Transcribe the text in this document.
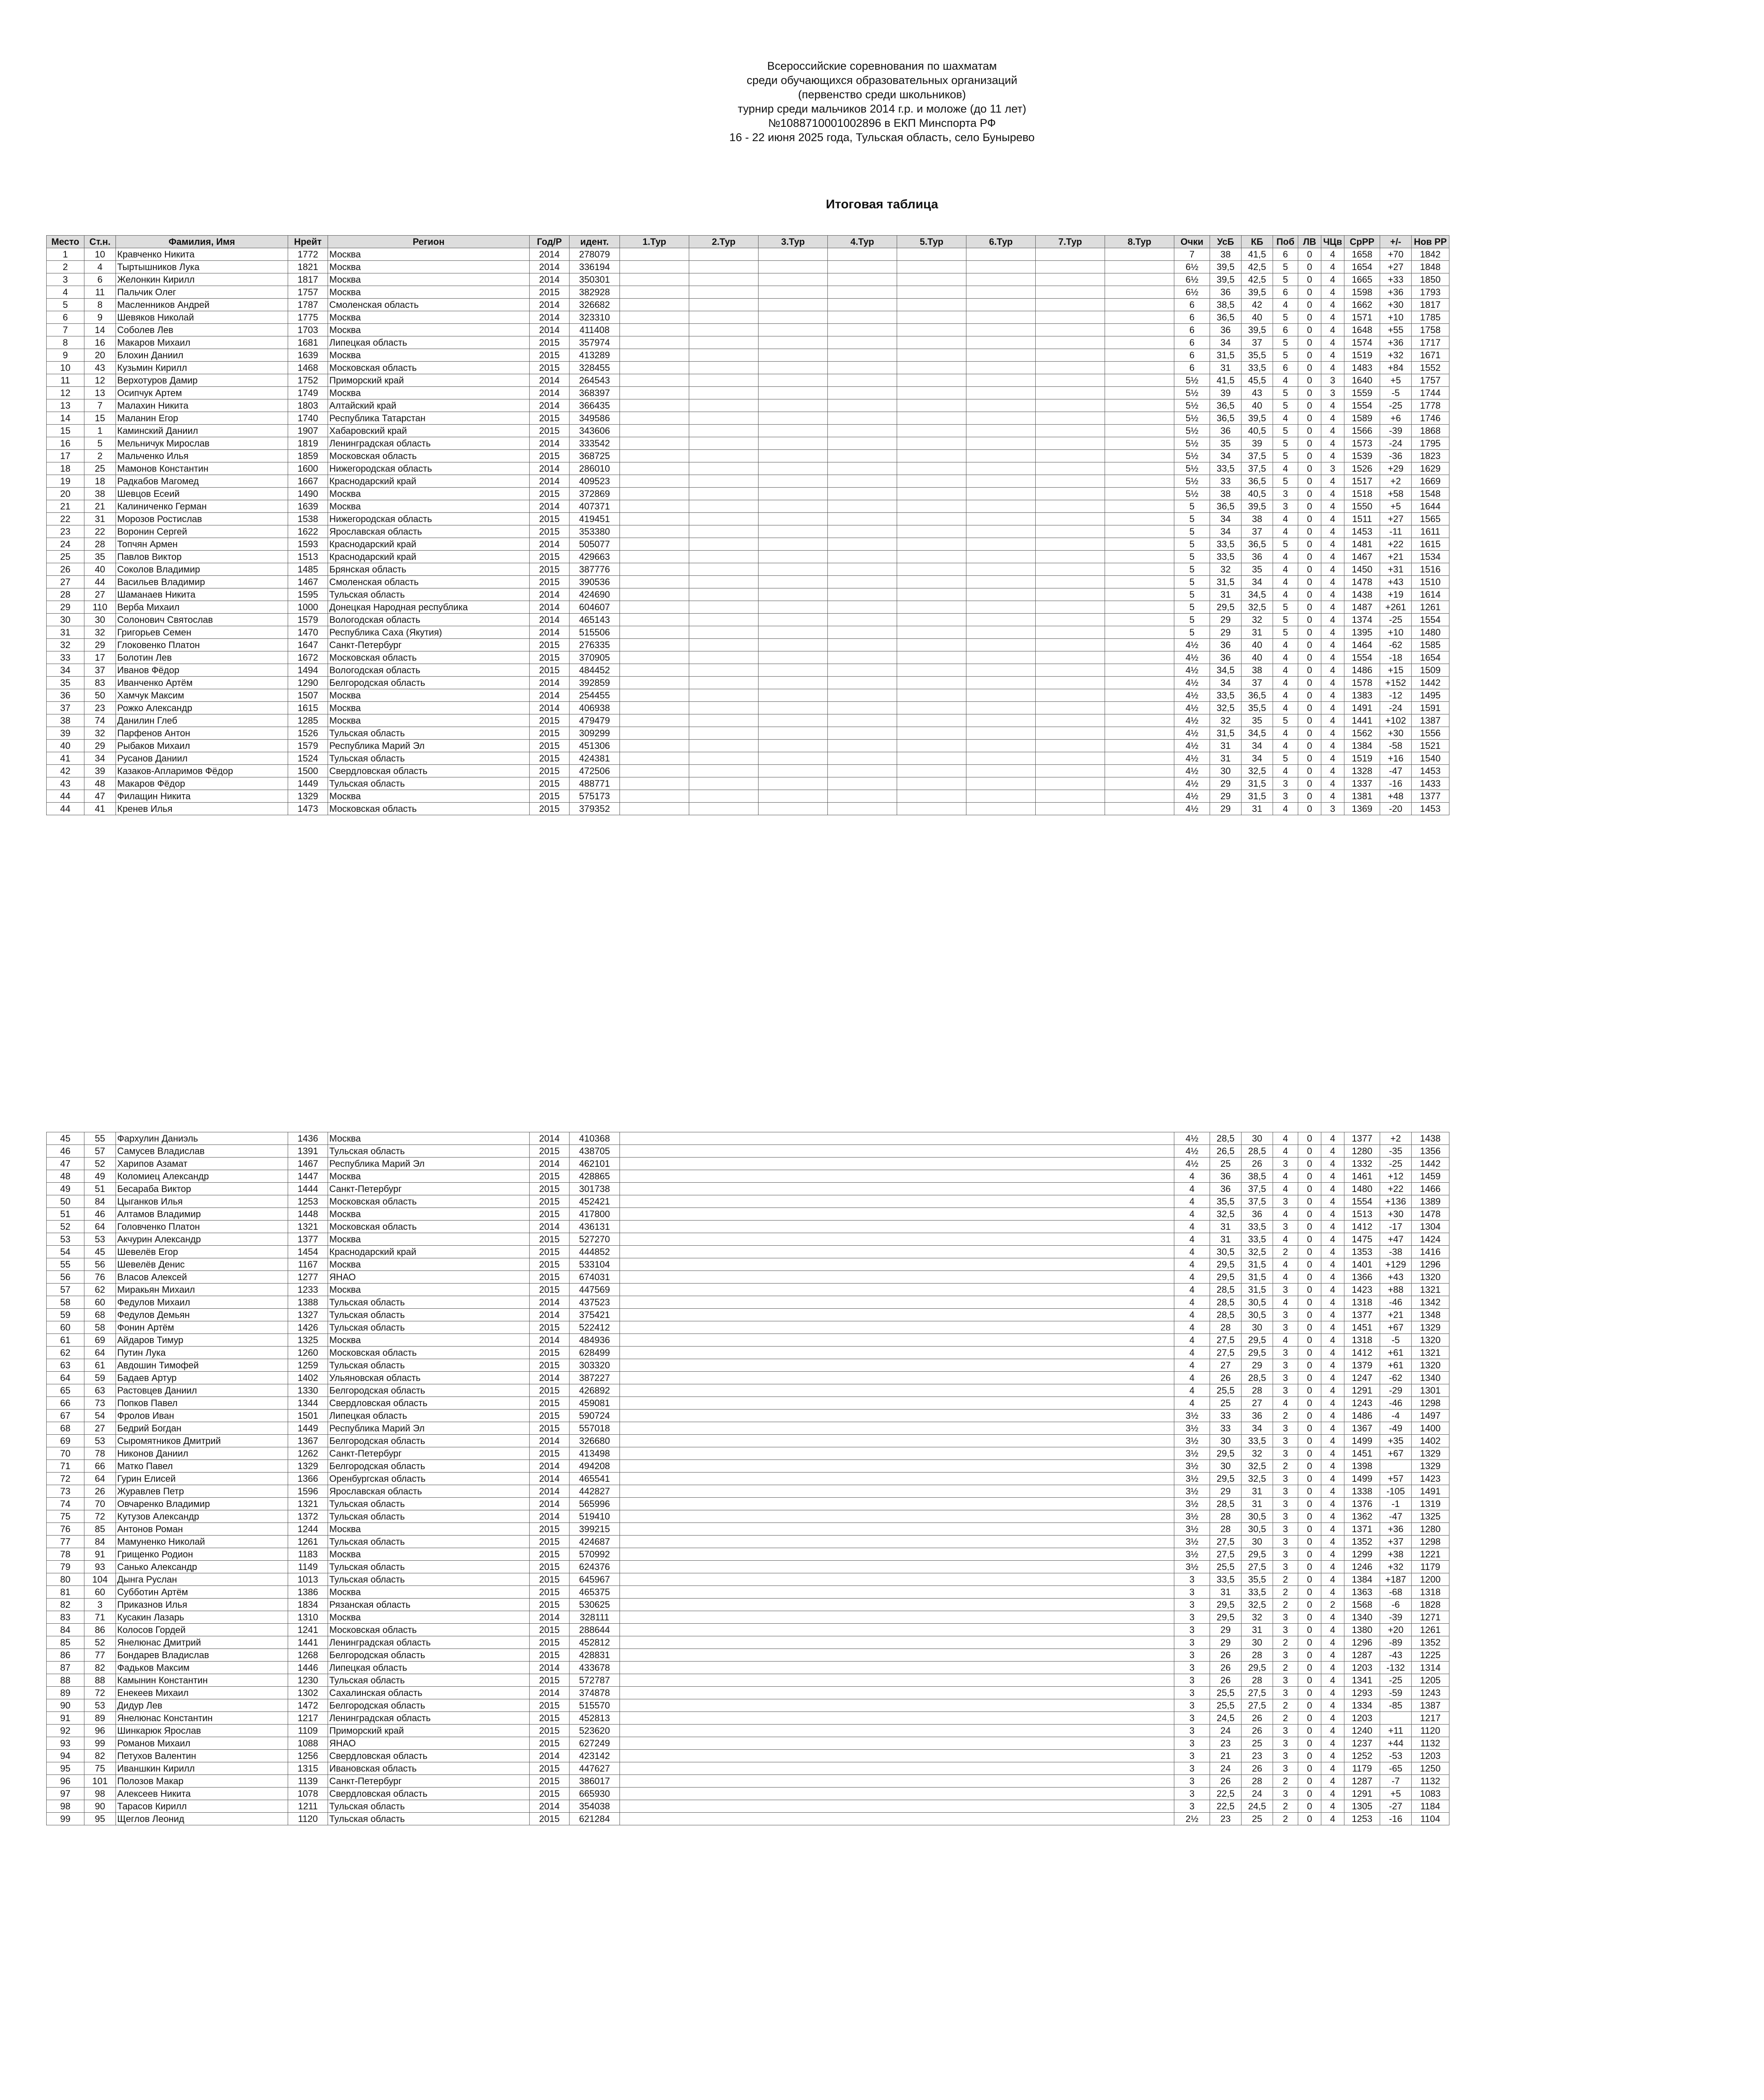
Всероссийские соревнования по шахматам
среди обучающихся образовательных организаций
(первенство среди школьников)
турнир среди мальчиков 2014 г.р. и моложе (до 11 лет)
№1088710001002896 в ЕКП Минспорта РФ
16 - 22 июня 2025 года, Тульская область, село Бунырево
Итоговая таблица
Место	Ст.н.	Фамилия, Имя	Нрейт	Регион	Год/Р	идент.	1.Тур	2.Тур	3.Тур	4.Тур	5.Тур	6.Тур	7.Тур	8.Тур	Очки	УсБ	КБ	Поб	ЛВ	ЧЦв	СрРР	+/-	Нов РР
1	10	Кравченко Никита	1772	Москва	2014	278079									7	38	41,5	6	0	4	1658	+70	1842
2	4	Тыртышников Лука	1821	Москва	2014	336194									6½	39,5	42,5	5	0	4	1654	+27	1848
3	6	Желонкин Кирилл	1817	Москва	2014	350301									6½	39,5	42,5	5	0	4	1665	+33	1850
4	11	Пальчик Олег	1757	Москва	2015	382928									6½	36	39,5	6	0	4	1598	+36	1793
5	8	Масленников Андрей	1787	Смоленская область	2014	326682									6	38,5	42	4	0	4	1662	+30	1817
6	9	Шевяков Николай	1775	Москва	2014	323310									6	36,5	40	5	0	4	1571	+10	1785
7	14	Соболев Лев	1703	Москва	2014	411408									6	36	39,5	6	0	4	1648	+55	1758
8	16	Макаров Михаил	1681	Липецкая область	2015	357974									6	34	37	5	0	4	1574	+36	1717
9	20	Блохин Даниил	1639	Москва	2015	413289									6	31,5	35,5	5	0	4	1519	+32	1671
10	43	Кузьмин Кирилл	1468	Московская область	2015	328455									6	31	33,5	6	0	4	1483	+84	1552
11	12	Верхотуров Дамир	1752	Приморский край	2014	264543									5½	41,5	45,5	4	0	3	1640	+5	1757
12	13	Осипчук Артем	1749	Москва	2014	368397									5½	39	43	5	0	3	1559	-5	1744
13	7	Малахин Никита	1803	Алтайский край	2014	366435									5½	36,5	40	5	0	4	1554	-25	1778
14	15	Маланин Егор	1740	Республика Татарстан	2015	349586									5½	36,5	39,5	4	0	4	1589	+6	1746
15	1	Каминский Даниил	1907	Хабаровский край	2015	343606									5½	36	40,5	5	0	4	1566	-39	1868
16	5	Мельничук Мирослав	1819	Ленинградская область	2014	333542									5½	35	39	5	0	4	1573	-24	1795
17	2	Мальченко Илья	1859	Московская область	2015	368725									5½	34	37,5	5	0	4	1539	-36	1823
18	25	Мамонов Константин	1600	Нижегородская область	2014	286010									5½	33,5	37,5	4	0	3	1526	+29	1629
19	18	Радкабов Магомед	1667	Краснодарский край	2014	409523									5½	33	36,5	5	0	4	1517	+2	1669
20	38	Шевцов Есеий	1490	Москва	2015	372869									5½	38	40,5	3	0	4	1518	+58	1548
21	21	Калиниченко Герман	1639	Москва	2014	407371									5	36,5	39,5	3	0	4	1550	+5	1644
22	31	Морозов Ростислав	1538	Нижегородская область	2015	419451									5	34	38	4	0	4	1511	+27	1565
23	22	Воронин Сергей	1622	Ярославская область	2015	353380									5	34	37	4	0	4	1453	-11	1611
24	28	Топчян Армен	1593	Краснодарский край	2014	505077									5	33,5	36,5	5	0	4	1481	+22	1615
25	35	Павлов Виктор	1513	Краснодарский край	2015	429663									5	33,5	36	4	0	4	1467	+21	1534
26	40	Соколов Владимир	1485	Брянская область	2015	387776									5	32	35	4	0	4	1450	+31	1516
27	44	Васильев Владимир	1467	Смоленская область	2015	390536									5	31,5	34	4	0	4	1478	+43	1510
28	27	Шаманаев Никита	1595	Тульская область	2014	424690									5	31	34,5	4	0	4	1438	+19	1614
29	110	Верба Михаил	1000	Донецкая Народная республика	2014	604607									5	29,5	32,5	5	0	4	1487	+261	1261
30	30	Солонович Святослав	1579	Вологодская область	2014	465143									5	29	32	5	0	4	1374	-25	1554
31	32	Григорьев Семен	1470	Республика Саха (Якутия)	2014	515506									5	29	31	5	0	4	1395	+10	1480
32	29	Глоковенко Платон	1647	Санкт-Петербург	2015	276335									4½	36	40	4	0	4	1464	-62	1585
33	17	Болотин Лев	1672	Московская область	2015	370905									4½	36	40	4	0	4	1554	-18	1654
34	37	Иванов Фёдор	1494	Вологодская область	2015	484452									4½	34,5	38	4	0	4	1486	+15	1509
35	83	Иванченко Артём	1290	Белгородская область	2014	392859									4½	34	37	4	0	4	1578	+152	1442
36	50	Хамчук Максим	1507	Москва	2014	254455									4½	33,5	36,5	4	0	4	1383	-12	1495
37	23	Рожко Александр	1615	Москва	2014	406938									4½	32,5	35,5	4	0	4	1491	-24	1591
38	74	Данилин Глеб	1285	Москва	2015	479479									4½	32	35	5	0	4	1441	+102	1387
39	32	Парфенов Антон	1526	Тульская область	2015	309299									4½	31,5	34,5	4	0	4	1562	+30	1556
40	29	Рыбаков Михаил	1579	Республика Марий Эл	2015	451306									4½	31	34	4	0	4	1384	-58	1521
41	34	Русанов Даниил	1524	Тульская область	2015	424381									4½	31	34	5	0	4	1519	+16	1540
42	39	Казаков-Апларимов Фёдор	1500	Свердловская область	2015	472506									4½	30	32,5	4	0	4	1328	-47	1453
43	48	Макаров Фёдор	1449	Тульская область	2015	488771									4½	29	31,5	3	0	4	1337	-16	1433
44	47	Филащин Никита	1329	Москва	2015	575173									4½	29	31,5	3	0	4	1381	+48	1377
44	41	Кренев Илья	1473	Московская область	2015	379352									4½	29	31	4	0	3	1369	-20	1453
45	55	Фархулин Даниэль	1436	Москва	2014	410368		4½	28,5	30	4	0	4	1377	+2	1438
46	57	Самусев Владислав	1391	Тульская область	2015	438705		4½	26,5	28,5	4	0	4	1280	-35	1356
47	52	Харипов Азамат	1467	Республика Марий Эл	2014	462101		4½	25	26	3	0	4	1332	-25	1442
48	49	Коломиец Александр	1447	Москва	2015	428865		4	36	38,5	4	0	4	1461	+12	1459
49	51	Бесараба Виктор	1444	Санкт-Петербург	2015	301738		4	36	37,5	4	0	4	1480	+22	1466
50	84	Цыганков Илья	1253	Московская область	2015	452421		4	35,5	37,5	3	0	4	1554	+136	1389
51	46	Алтамов Владимир	1448	Москва	2015	417800		4	32,5	36	4	0	4	1513	+30	1478
52	64	Головченко Платон	1321	Московская область	2014	436131		4	31	33,5	3	0	4	1412	-17	1304
53	53	Акчурин Александр	1377	Москва	2015	527270		4	31	33,5	4	0	4	1475	+47	1424
54	45	Шевелёв Егор	1454	Краснодарский край	2015	444852		4	30,5	32,5	2	0	4	1353	-38	1416
55	56	Шевелёв Денис	1167	Москва	2015	533104		4	29,5	31,5	4	0	4	1401	+129	1296
56	76	Власов Алексей	1277	ЯНАО	2015	674031		4	29,5	31,5	4	0	4	1366	+43	1320
57	62	Миракьян Михаил	1233	Москва	2015	447569		4	28,5	31,5	3	0	4	1423	+88	1321
58	60	Федулов Михаил	1388	Тульская область	2014	437523		4	28,5	30,5	4	0	4	1318	-46	1342
59	68	Федулов Демьян	1327	Тульская область	2014	375421		4	28,5	30,5	3	0	4	1377	+21	1348
60	58	Фонин Артём	1426	Тульская область	2015	522412		4	28	30	3	0	4	1451	+67	1329
61	69	Айдаров Тимур	1325	Москва	2014	484936		4	27,5	29,5	4	0	4	1318	-5	1320
62	64	Путин Лука	1260	Московская область	2015	628499		4	27,5	29,5	3	0	4	1412	+61	1321
63	61	Авдошин Тимофей	1259	Тульская область	2015	303320		4	27	29	3	0	4	1379	+61	1320
64	59	Бадаев Артур	1402	Ульяновская область	2014	387227		4	26	28,5	3	0	4	1247	-62	1340
65	63	Растовцев Даниил	1330	Белгородская область	2015	426892		4	25,5	28	3	0	4	1291	-29	1301
66	73	Попков Павел	1344	Свердловская область	2015	459081		4	25	27	4	0	4	1243	-46	1298
67	54	Фролов Иван	1501	Липецкая область	2015	590724		3½	33	36	2	0	4	1486	-4	1497
68	27	Бедрий Богдан	1449	Республика Марий Эл	2015	557018		3½	33	34	3	0	4	1367	-49	1400
69	53	Сыромятников Дмитрий	1367	Белгородская область	2014	326680		3½	30	33,5	3	0	4	1499	+35	1402
70	78	Никонов Даниил	1262	Санкт-Петербург	2015	413498		3½	29,5	32	3	0	4	1451	+67	1329
71	66	Матко Павел	1329	Белгородская область	2014	494208		3½	30	32,5	2	0	4	1398		1329
72	64	Гурин Елисей	1366	Оренбургская область	2014	465541		3½	29,5	32,5	3	0	4	1499	+57	1423
73	26	Журавлев Петр	1596	Ярославская область	2014	442827		3½	29	31	3	0	4	1338	-105	1491
74	70	Овчаренко Владимир	1321	Тульская область	2014	565996		3½	28,5	31	3	0	4	1376	-1	1319
75	72	Кутузов Александр	1372	Тульская область	2014	519410		3½	28	30,5	3	0	4	1362	-47	1325
76	85	Антонов Роман	1244	Москва	2015	399215		3½	28	30,5	3	0	4	1371	+36	1280
77	84	Мамуненко Николай	1261	Тульская область	2015	424687		3½	27,5	30	3	0	4	1352	+37	1298
78	91	Грищенко Родион	1183	Москва	2015	570992		3½	27,5	29,5	3	0	4	1299	+38	1221
79	93	Санько Александр	1149	Тульская область	2015	624376		3½	25,5	27,5	3	0	4	1246	+32	1179
80	104	Дынга Руслан	1013	Тульская область	2015	645967		3	33,5	35,5	2	0	4	1384	+187	1200
81	60	Субботин Артём	1386	Москва	2015	465375		3	31	33,5	2	0	4	1363	-68	1318
82	3	Приказнов Илья	1834	Рязанская область	2015	530625		3	29,5	32,5	2	0	2	1568	-6	1828
83	71	Кусакин Лазарь	1310	Москва	2014	328111		3	29,5	32	3	0	4	1340	-39	1271
84	86	Колосов Гордей	1241	Московская область	2015	288644		3	29	31	3	0	4	1380	+20	1261
85	52	Янелюнас Дмитрий	1441	Ленинградская область	2015	452812		3	29	30	2	0	4	1296	-89	1352
86	77	Бондарев Владислав	1268	Белгородская область	2015	428831		3	26	28	3	0	4	1287	-43	1225
87	82	Фадьков Максим	1446	Липецкая область	2014	433678		3	26	29,5	2	0	4	1203	-132	1314
88	88	Камынин Константин	1230	Тульская область	2015	572787		3	26	28	3	0	4	1341	-25	1205
89	72	Енекеев Михаил	1302	Сахалинская область	2014	374878		3	25,5	27,5	3	0	4	1293	-59	1243
90	53	Дидур Лев	1472	Белгородская область	2015	515570		3	25,5	27,5	2	0	4	1334	-85	1387
91	89	Янелюнас Константин	1217	Ленинградская область	2015	452813		3	24,5	26	2	0	4	1203		1217
92	96	Шинкарюк Ярослав	1109	Приморский край	2015	523620		3	24	26	3	0	4	1240	+11	1120
93	99	Романов Михаил	1088	ЯНАО	2015	627249		3	23	25	3	0	4	1237	+44	1132
94	82	Петухов Валентин	1256	Свердловская область	2014	423142		3	21	23	3	0	4	1252	-53	1203
95	75	Иваншкин Кирилл	1315	Ивановская область	2015	447627		3	24	26	3	0	4	1179	-65	1250
96	101	Полозов Макар	1139	Санкт-Петербург	2015	386017		3	26	28	2	0	4	1287	-7	1132
97	98	Алексеев Никита	1078	Свердловская область	2015	665930		3	22,5	24	3	0	4	1291	+5	1083
98	90	Тарасов Кирилл	1211	Тульская область	2014	354038		3	22,5	24,5	2	0	4	1305	-27	1184
99	95	Щеглов Леонид	1120	Тульская область	2015	621284		2½	23	25	2	0	4	1253	-16	1104
